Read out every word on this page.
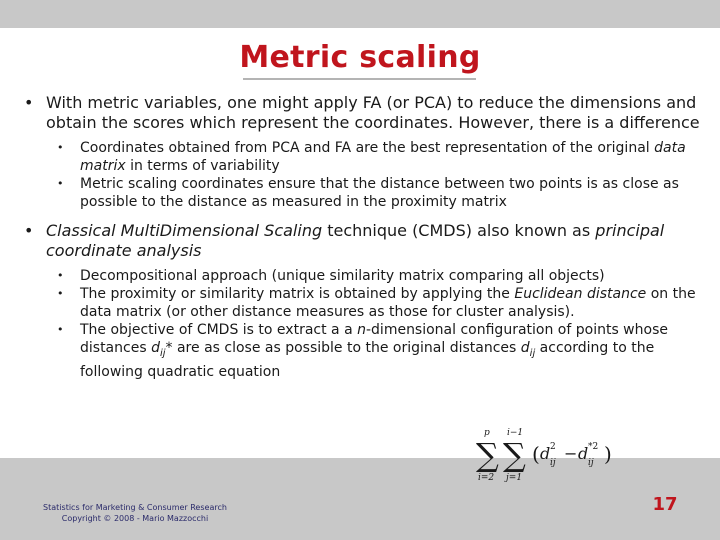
Metric scaling

• With metric variables, one might apply FA (or PCA) to reduce the dimensions and obtain the scores which represent the coordinates. However, there is a difference

• Coordinates obtained from PCA and FA are the best representation of the original data matrix in terms of variability

• Metric scaling coordinates ensure that the distance between two points is as close as possible to the distance as measured in the proximity matrix

• Classical MultiDimensional Scaling technique (CMDS) also known as principal coordinate analysis

• Decompositional approach (unique similarity matrix comparing all objects)

• The proximity or similarity matrix is obtained by applying the Euclidean distance on the data matrix (or other distance measures as those for cluster analysis).

• The objective of CMDS is to extract a a n-dimensional configuration of points whose distances $d_{ij}*$ are as close as possible to the original distances $d_{ij}$ according to the following quadratic equation

p
∑
i=2
i−1
∑
j=1
( d 2
ij − d *2
ij )
Statistics for Marketing & Consumer Research
Copyright © 2008 - Mario Mazzocchi
17
